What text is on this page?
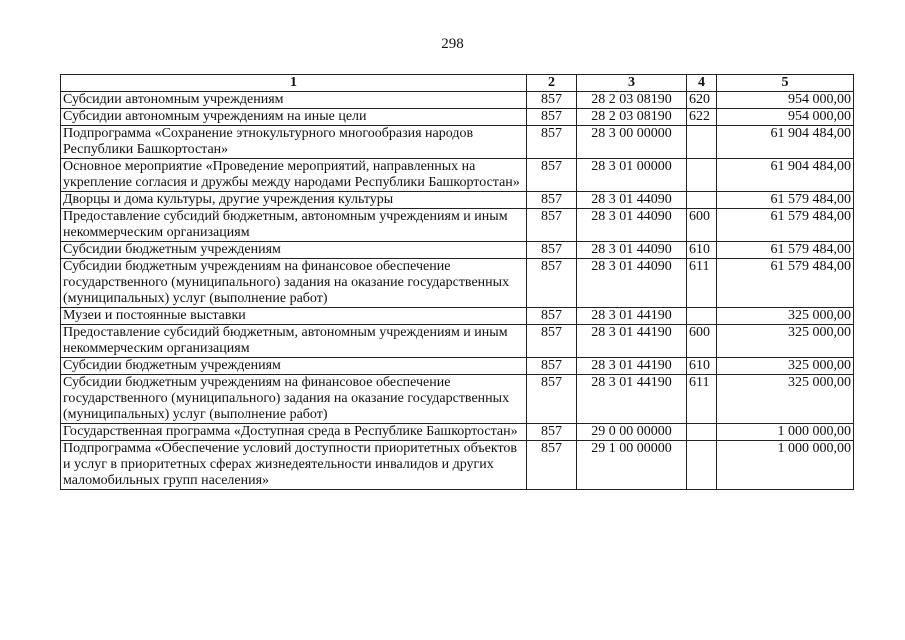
298
1	2	3	4	5
Субсидии автономным учреждениям	857	28 2 03 08190	620	954 000,00
Субсидии автономным учреждениям на иные цели	857	28 2 03 08190	622	954 000,00
Подпрограмма «Сохранение этнокультурного многообразия народов Республики Башкортостан»	857	28 3 00 00000		61 904 484,00
Основное мероприятие «Проведение мероприятий, направленных на укрепление согласия и дружбы между народами Республики Башкортостан»	857	28 3 01 00000		61 904 484,00
Дворцы и дома культуры, другие учреждения культуры	857	28 3 01 44090		61 579 484,00
Предоставление субсидий бюджетным, автономным учреждениям и иным некоммерческим организациям	857	28 3 01 44090	600	61 579 484,00
Субсидии бюджетным учреждениям	857	28 3 01 44090	610	61 579 484,00
Субсидии бюджетным учреждениям на финансовое обеспечение государственного (муниципального) задания на оказание государственных (муниципальных) услуг (выполнение работ)	857	28 3 01 44090	611	61 579 484,00
Музеи и постоянные выставки	857	28 3 01 44190		325 000,00
Предоставление субсидий бюджетным, автономным учреждениям и иным некоммерческим организациям	857	28 3 01 44190	600	325 000,00
Субсидии бюджетным учреждениям	857	28 3 01 44190	610	325 000,00
Субсидии бюджетным учреждениям на финансовое обеспечение государственного (муниципального) задания на оказание государственных (муниципальных) услуг (выполнение работ)	857	28 3 01 44190	611	325 000,00
Государственная программа «Доступная среда в Республике Башкортостан»	857	29 0 00 00000		1 000 000,00
Подпрограмма «Обеспечение условий доступности приоритетных объектов и услуг в приоритетных сферах жизнедеятельности инвалидов и других маломобильных групп населения»	857	29 1 00 00000		1 000 000,00
